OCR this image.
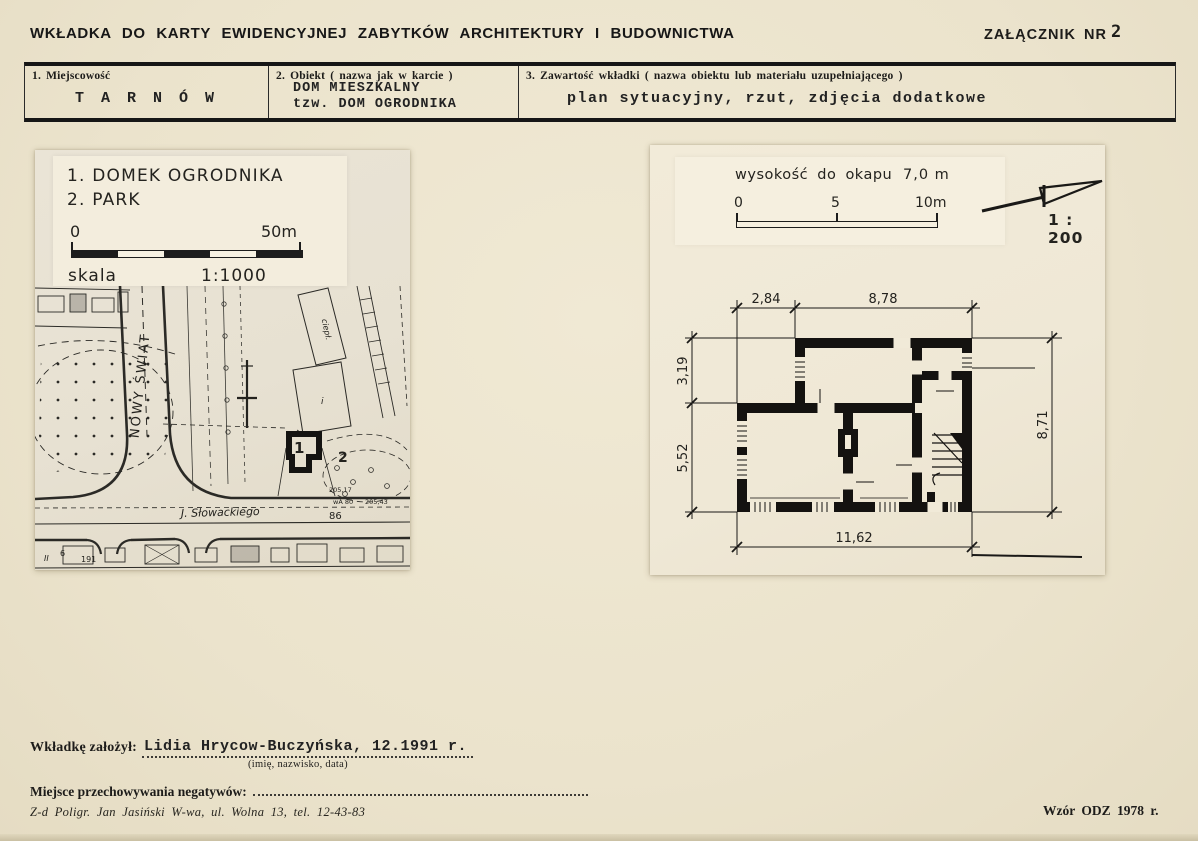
WKŁADKA DO KARTY EWIDENCYJNEJ ZABYTKÓW ARCHITEKTURY I BUDOWNICTWA	ZAŁĄCZNIK NR 2
1. Miejscowość
T A R N Ó W
2. Obiekt ( nazwa jak w karcie )
DOM MIESZKALNY
tzw. DOM OGRODNIKA
3. Zawartość wkładki ( nazwa obiektu lub materiału uzupełniającego )
plan sytuacyjny, rzut, zdjęcia dodatkowe
1. DOMEK OGRODNIKA
2. PARK
0	50m
skala	1:1000
ciepł.
i
1
2
NOWY ŚWIAT
J. Słowackiego	86
II
6
191
205,17
wA 80 205,43
wysokość do okapu 7,0 m
0	5	10m
1 : 200
2,84	8,78
3,19
5,52
8,71
11,62
Wkładkę założył: Lidia Hrycow-Buczyńska, 12.1991 r.
(imię, nazwisko, data)
Miejsce przechowywania negatywów:
Z-d Poligr. Jan Jasiński W-wa, ul. Wolna 13, tel. 12-43-83	Wzór ODZ 1978 r.
